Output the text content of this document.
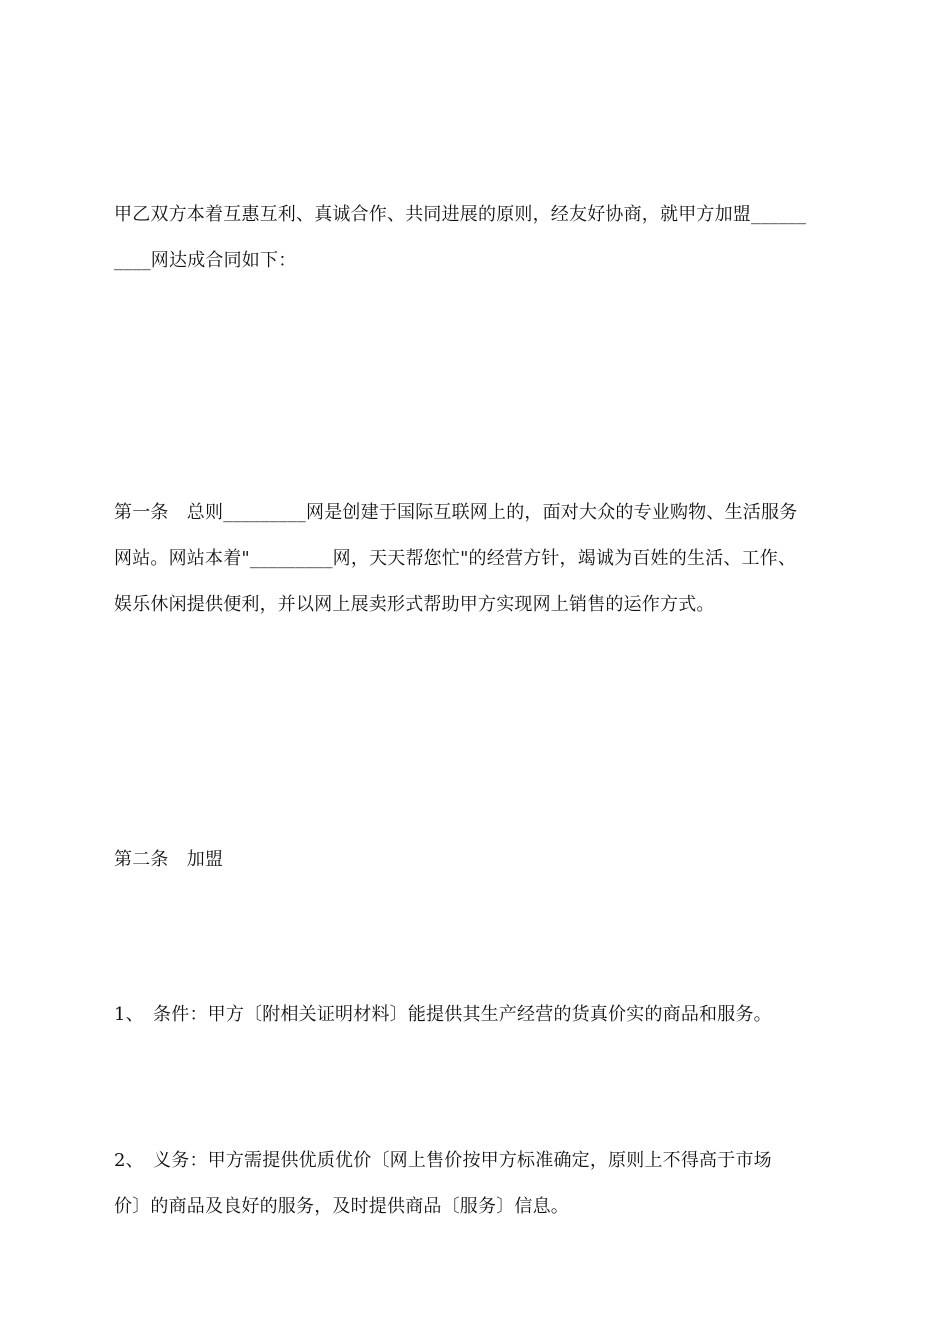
甲乙双方本着互惠互利、真诚合作、共同进展的原则，经友好协商，就甲方加盟______
____网达成合同如下：
第一条　总则_________网是创建于国际互联网上的，面对大众的专业购物、生活服务
网站。网站本着"_________网，天天帮您忙"的经营方针，竭诚为百姓的生活、工作、
娱乐休闲提供便利，并以网上展卖形式帮助甲方实现网上销售的运作方式。
第二条　加盟
1、　条件：甲方〔附相关证明材料〕能提供其生产经营的货真价实的商品和服务。
2、　义务：甲方需提供优质优价〔网上售价按甲方标准确定，原则上不得高于市场
价〕的商品及良好的服务，及时提供商品〔服务〕信息。
